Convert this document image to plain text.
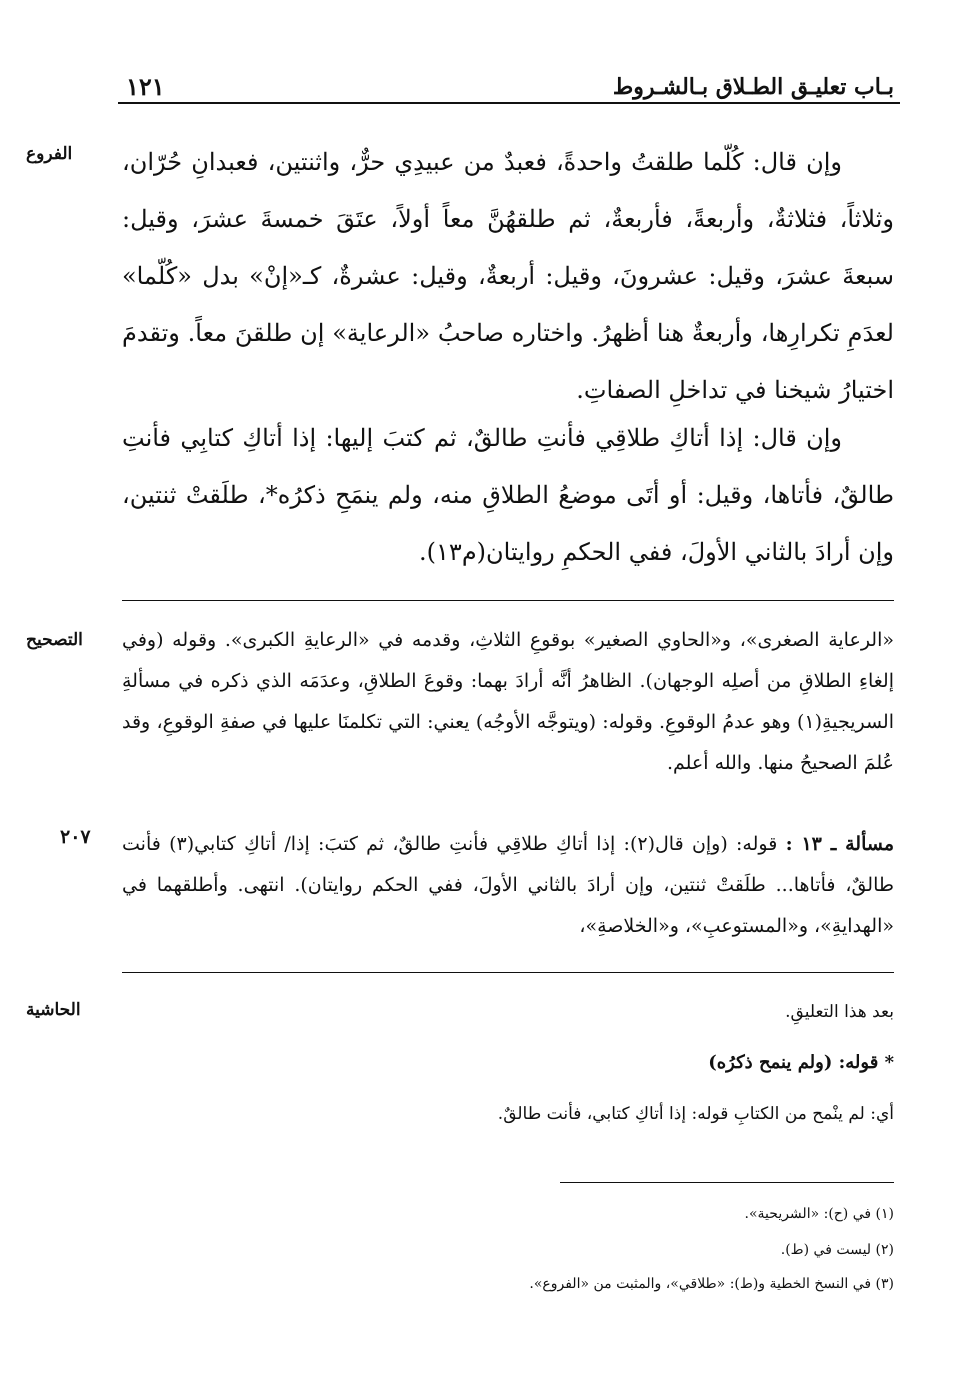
بـاب تعليـق الطـلاق بـالشـروط
١٢١
الفروع
التصحيح
الحاشية
٢٠٧
وإن قال: كُلّما طلقتُ واحدةً، فعبدٌ من عبيدِي حرٌّ، واثنتين، فعبدانِ حُرّان، وثلاثاً، فثلاثةٌ، وأربعةً، فأربعةٌ، ثم طلقهُنَّ معاً أولاً، عتَقَ خمسةَ عشرَ، وقيل: سبعةَ عشرَ، وقيل: عشرونَ، وقيل: أربعةٌ، وقيل: عشرةٌ، كـ«إنْ» بدل «كُلّما» لعدَمِ تكرارِها، وأربعةٌ هنا أظهرُ. واختاره صاحبُ «الرعاية» إن طلقنَ معاً. وتقدمَ اختيارُ شيخنا في تداخلِ الصفاتِ.
وإن قال: إذا أتاكِ طلاقِي فأنتِ طالقٌ، ثم كتبَ إليها: إذا أتاكِ كتابِي فأنتِ طالقٌ، فأتاها، وقيل: أو أتَى موضعُ الطلاقِ منه، ولم ينمَحِ ذكرُه*، طلَقتْ ثنتين، وإن أرادَ بالثاني الأولَ، ففي الحكمِ روايتان(م١٣).
«الرعاية الصغرى»، و«الحاوي الصغير» بوقوعِ الثلاثِ، وقدمه في «الرعايةِ الكبرى». وقوله (وفي إلغاءِ الطلاقِ من أصلِه الوجهان). الظاهرُ أنَّه أرادَ بهما: وقوعَ الطلاقِ، وعدَمَه الذي ذكره في مسألةِ السريجيةِ(١) وهو عدمُ الوقوعِ. وقوله: (ويتوجَّه الأوجُه) يعني: التي تكلمنَا عليها في صفةِ الوقوعِ، وقد عُلمَ الصحيحُ منها. والله أعلم.
مسألة ـ ١٣ : قوله: (وإن قال(٢): إذا أتاكِ طلاقِي فأنتِ طالقٌ، ثم كتبَ: إذا/ أتاكِ كتابي(٣) فأنت طالقٌ، فأتاها... طلَقتْ ثنتين، وإن أرادَ بالثاني الأولَ، ففي الحكم روايتان). انتهى. وأطلقهما في «الهدايةِ»، و«المستوعبِ»، و«الخلاصةِ»،
بعد هذا التعليقِ.
* قوله: (ولم ينمح ذكرُه)
أي: لم ينْمح من الكتابِ قوله: إذا أتاكِ كتابي، فأنت طالقٌ.
(١) في (ح): «الشريحية».
(٢) ليست في (ط).
(٣) في النسخ الخطية و(ط): «طلاقي»، والمثبت من «الفروع».
